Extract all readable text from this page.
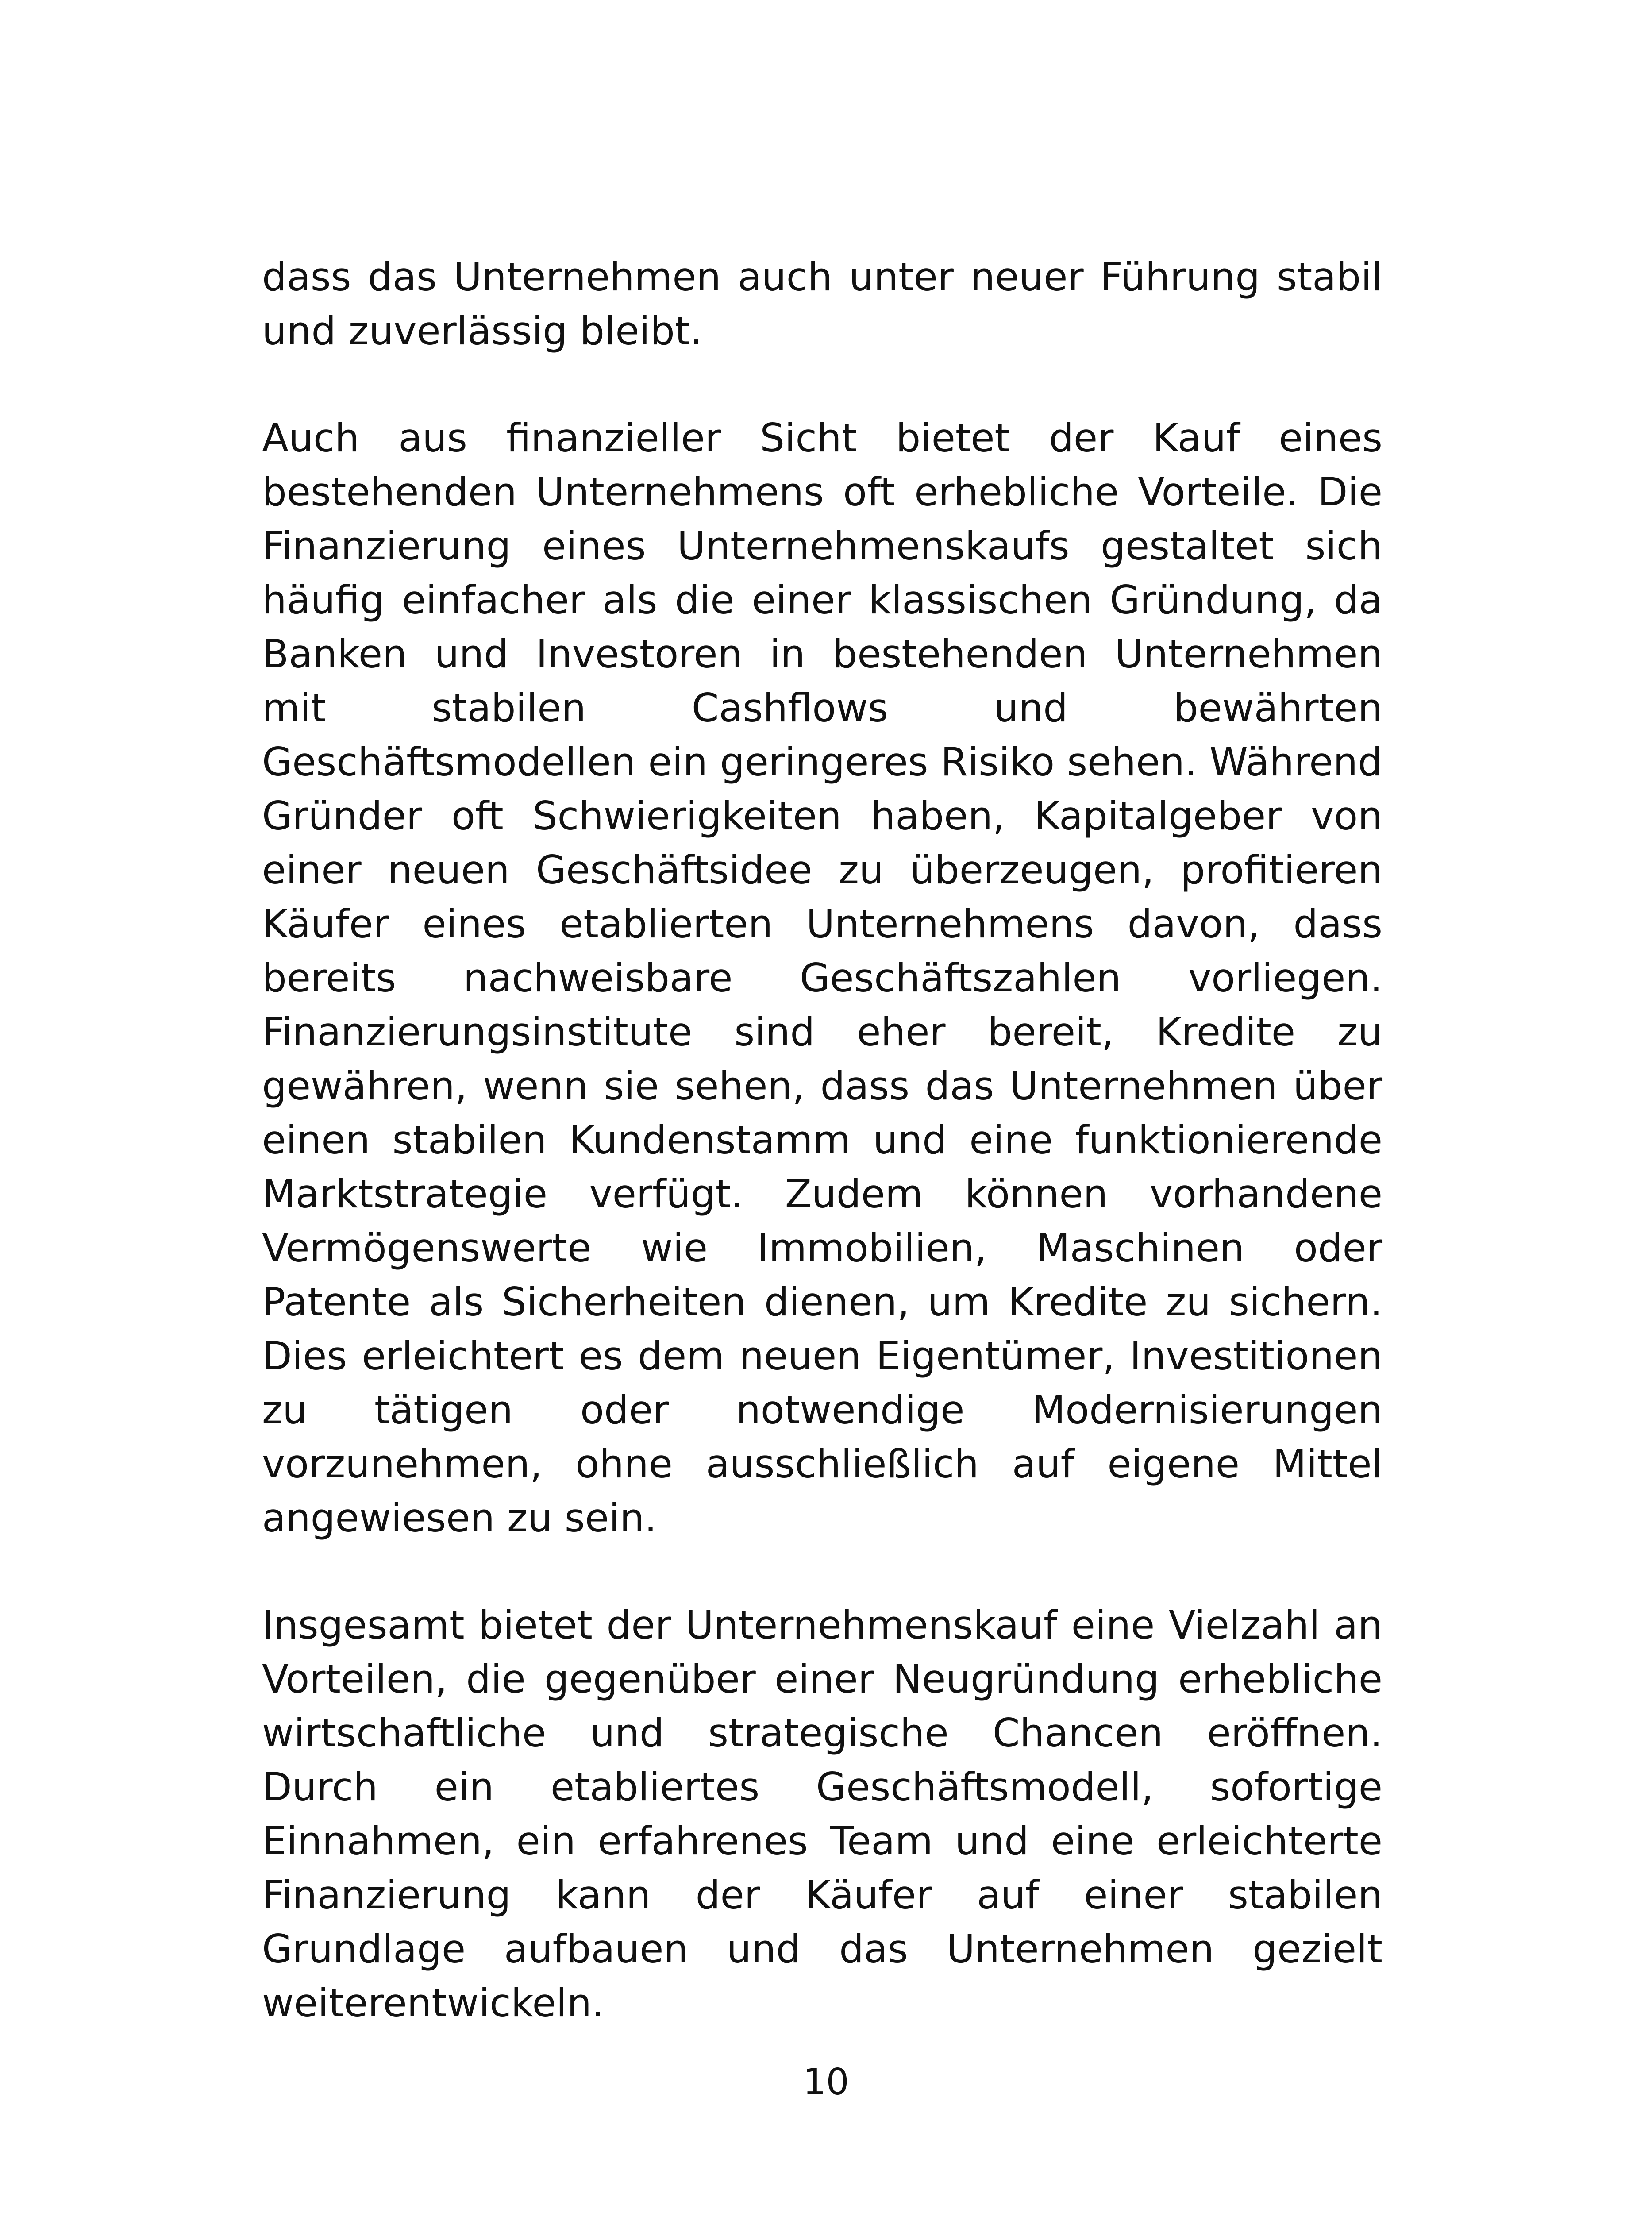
dass das Unternehmen auch unter neuer Führung stabil und zuverlässig bleibt.

Auch aus finanzieller Sicht bietet der Kauf eines bestehenden Unternehmens oft erhebliche Vorteile. Die Finanzierung eines Unternehmenskaufs gestaltet sich häufig einfacher als die einer klassischen Gründung, da Banken und Investoren in bestehenden Unternehmen mit stabilen Cashflows und bewährten Geschäftsmodellen ein geringeres Risiko sehen. Während Gründer oft Schwierigkeiten haben, Kapitalgeber von einer neuen Geschäftsidee zu überzeugen, profitieren Käufer eines etablierten Unternehmens davon, dass bereits nachweisbare Geschäftszahlen vorliegen. Finanzierungsinstitute sind eher bereit, Kredite zu gewähren, wenn sie sehen, dass das Unternehmen über einen stabilen Kundenstamm und eine funktionierende Marktstrategie verfügt. Zudem können vorhandene Vermögenswerte wie Immobilien, Maschinen oder Patente als Sicherheiten dienen, um Kredite zu sichern. Dies erleichtert es dem neuen Eigentümer, Investitionen zu tätigen oder notwendige Modernisierungen vorzunehmen, ohne ausschließlich auf eigene Mittel angewiesen zu sein.

Insgesamt bietet der Unternehmenskauf eine Vielzahl an Vorteilen, die gegenüber einer Neugründung erhebliche wirtschaftliche und strategische Chancen eröffnen. Durch ein etabliertes Geschäftsmodell, sofortige Einnahmen, ein erfahrenes Team und eine erleichterte Finanzierung kann der Käufer auf einer stabilen Grundlage aufbauen und das Unternehmen gezielt weiterentwickeln.

10
